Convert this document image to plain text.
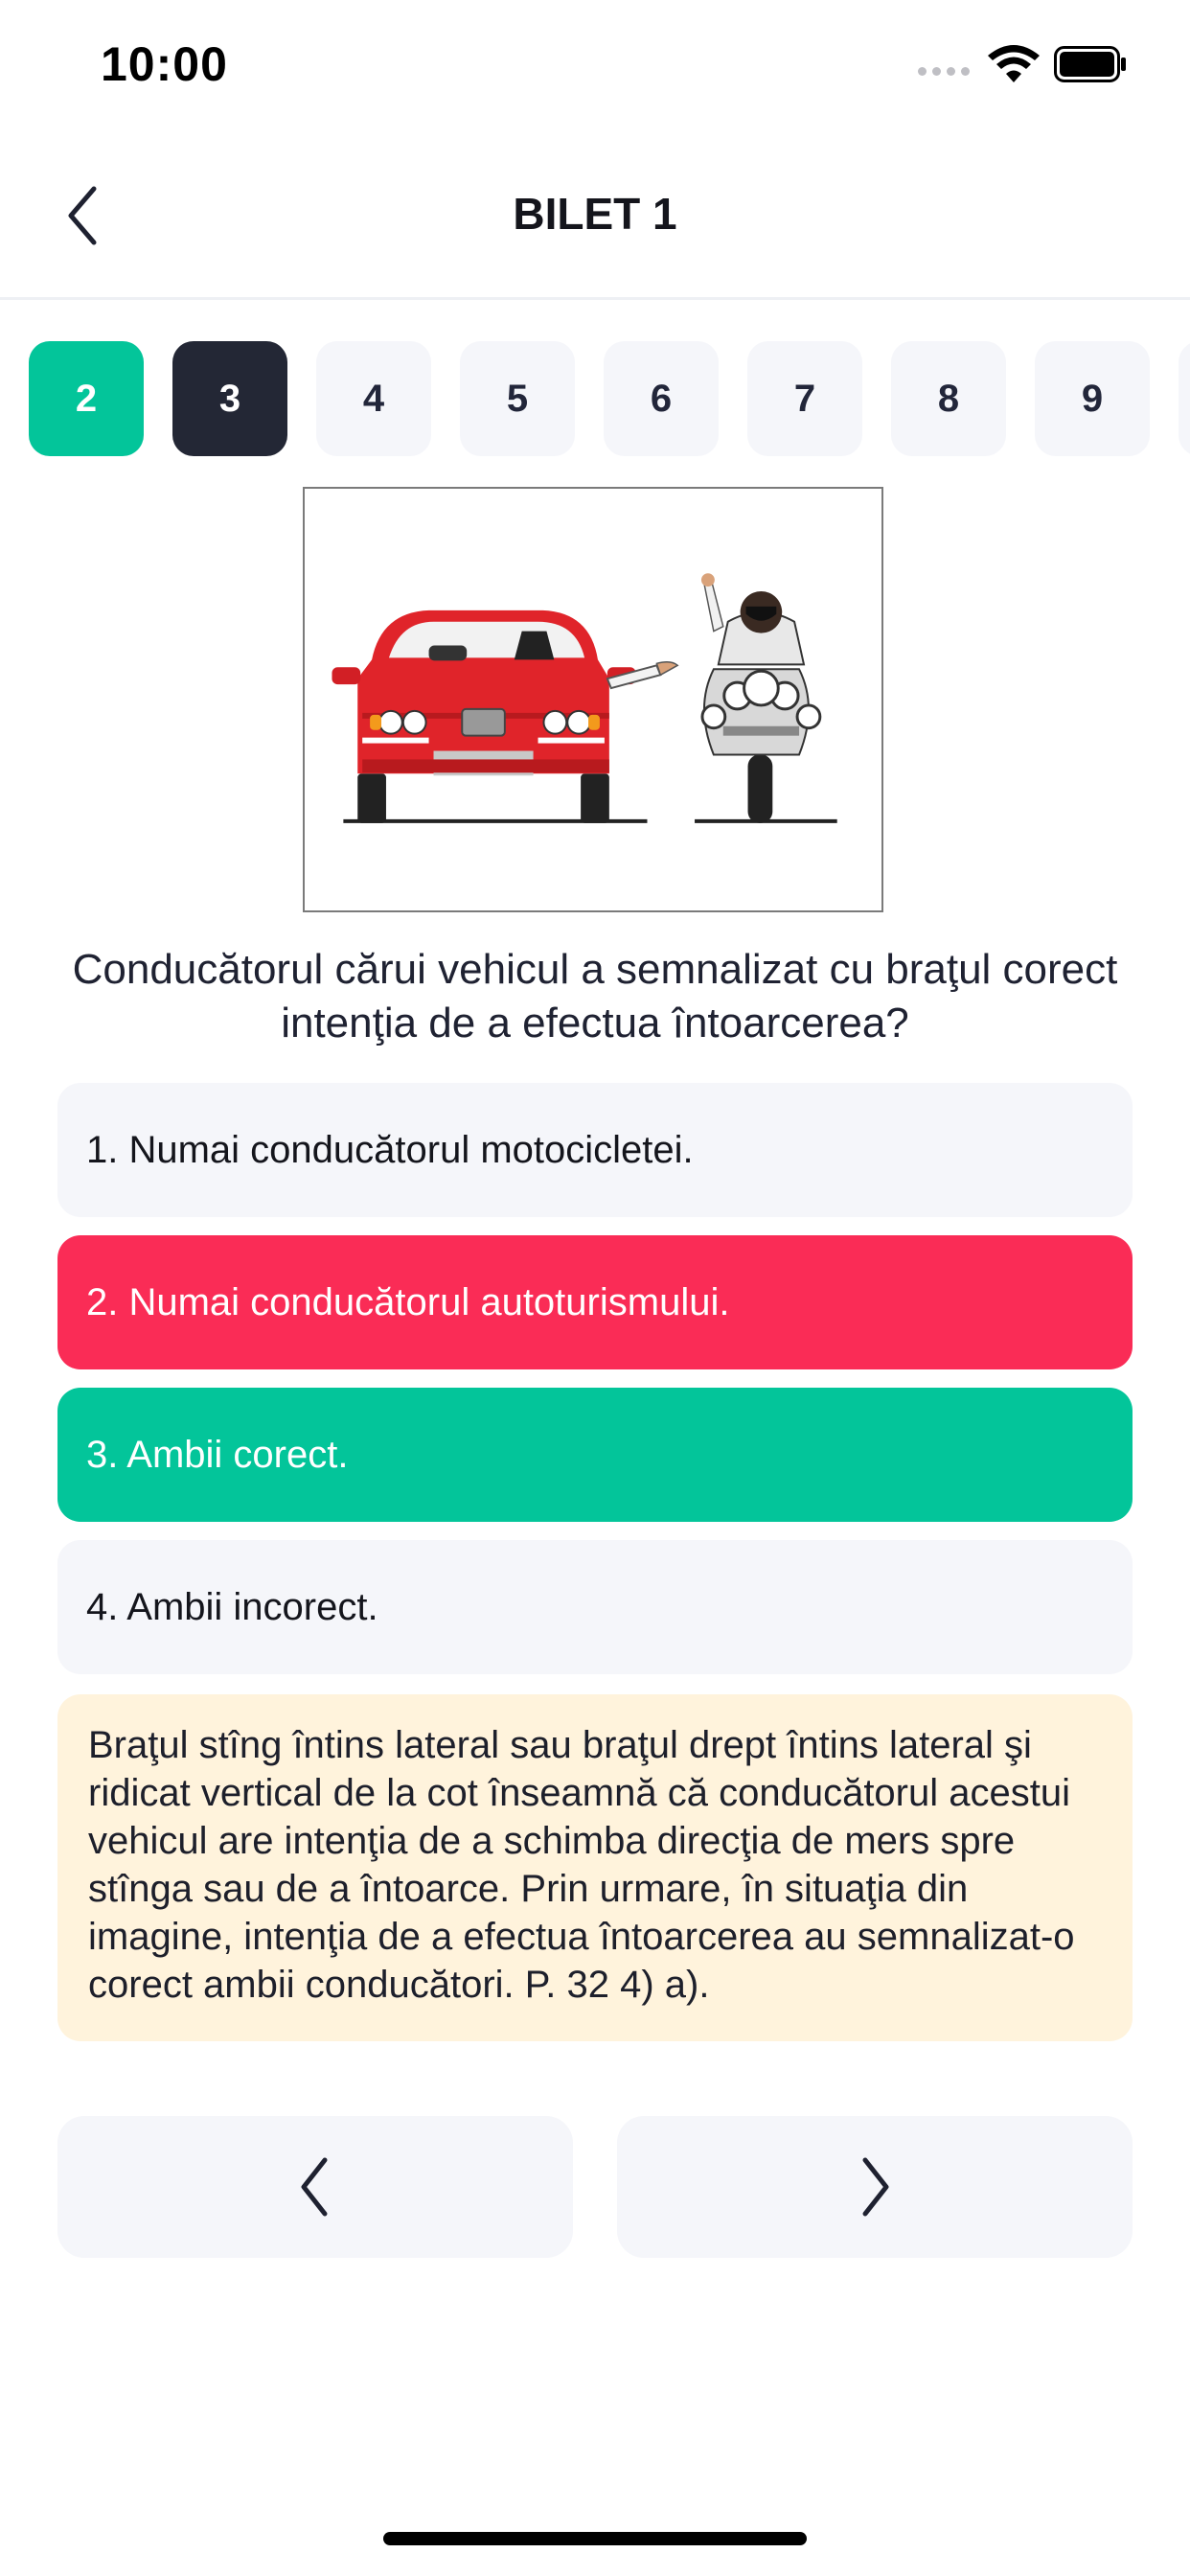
10:00
BILET 1
2	3	4	5	6	7	8	9
Conducătorul cărui vehicul a semnalizat cu braţul corect intenţia de a efectua întoarcerea?
1. Numai conducătorul motocicletei.
2. Numai conducătorul autoturismului.
3. Ambii corect.
4. Ambii incorect.
Braţul stîng întins lateral sau braţul drept întins lateral şi ridicat vertical de la cot înseamnă că conducătorul acestui vehicul are intenţia de a schimba direcţia de mers spre stînga sau de a întoarce. Prin urmare, în situaţia din imagine, intenţia de a efectua întoarcerea au semnalizat-o corect ambii conducători. P. 32 4) a).
